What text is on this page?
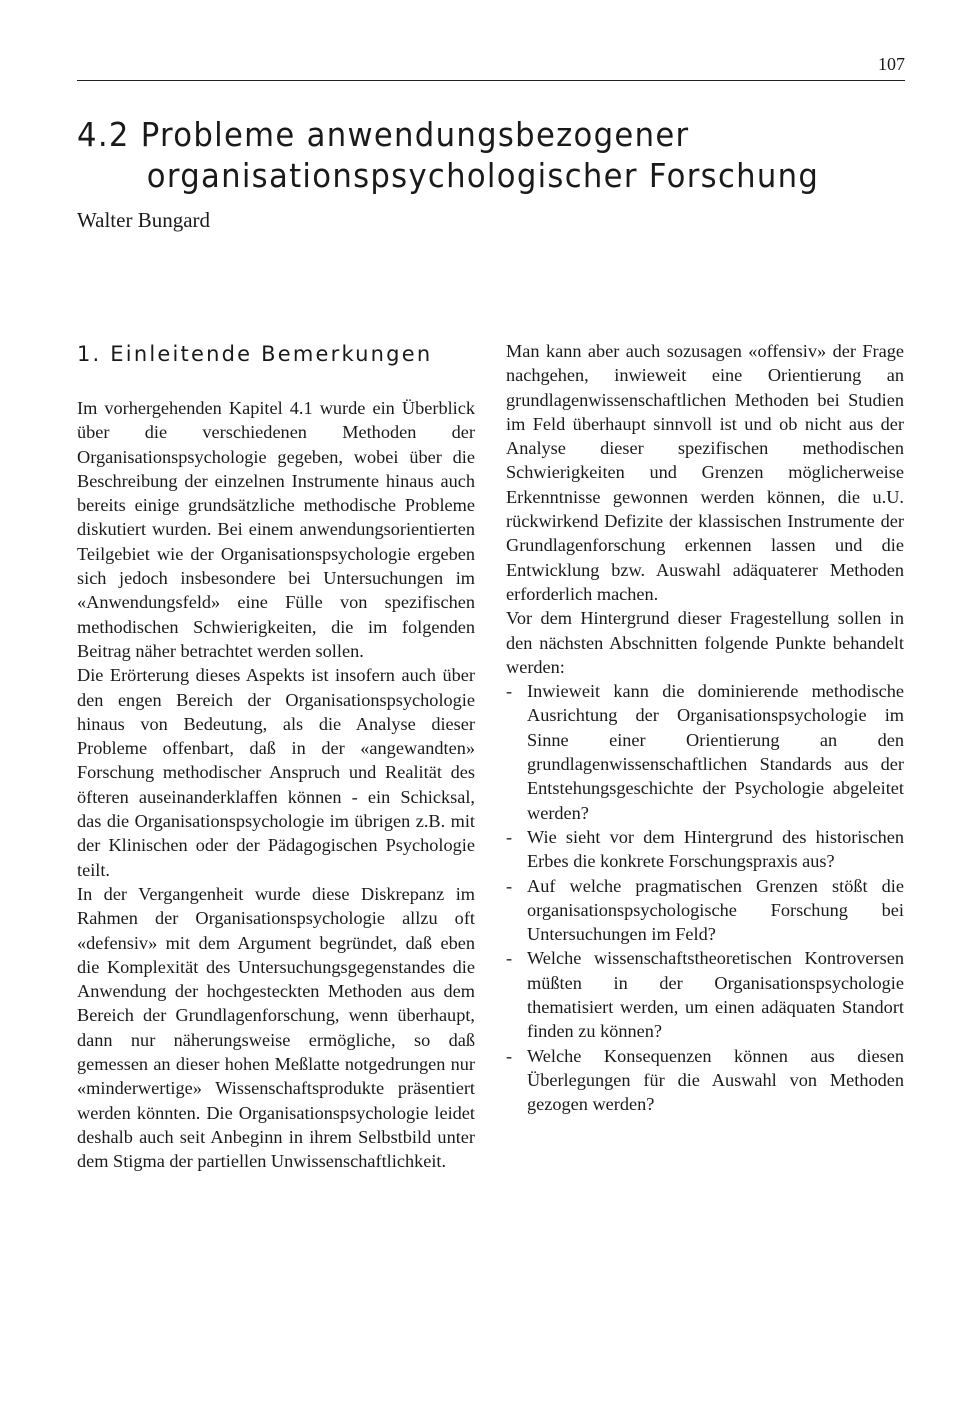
107
4.2 Probleme anwendungsbezogener
organisationspsychologischer Forschung
Walter Bungard
1. Einleitende Bemerkungen

Im vorhergehenden Kapitel 4.1 wurde ein Überblick über die verschiedenen Methoden der Organisationspsychologie gegeben, wobei über die Beschreibung der einzelnen Instrumente hinaus auch bereits einige grundsätzliche methodische Probleme diskutiert wurden. Bei einem anwendungsorientierten Teilgebiet wie der Organisationspsychologie ergeben sich jedoch insbesondere bei Untersuchungen im «Anwendungsfeld» eine Fülle von spezifischen methodischen Schwierigkeiten, die im folgenden Beitrag näher betrachtet werden sollen.

Die Erörterung dieses Aspekts ist insofern auch über den engen Bereich der Organisationspsychologie hinaus von Bedeutung, als die Analyse dieser Probleme offenbart, daß in der «angewandten» Forschung methodischer Anspruch und Realität des öfteren auseinanderklaffen können - ein Schicksal, das die Organisationspsychologie im übrigen z.B. mit der Klinischen oder der Pädagogischen Psychologie teilt.

In der Vergangenheit wurde diese Diskrepanz im Rahmen der Organisationspsychologie allzu oft «defensiv» mit dem Argument begründet, daß eben die Komplexität des Untersuchungsgegenstandes die Anwendung der hochgesteckten Methoden aus dem Bereich der Grundlagenforschung, wenn überhaupt, dann nur näherungsweise ermögliche, so daß gemessen an dieser hohen Meßlatte notgedrungen nur «minderwertige» Wissenschaftsprodukte präsentiert werden könnten. Die Organisationspsychologie leidet deshalb auch seit Anbeginn in ihrem Selbstbild unter dem Stigma der partiellen Unwissenschaftlichkeit.

Man kann aber auch sozusagen «offensiv» der Frage nachgehen, inwieweit eine Orientierung an grundlagenwissenschaftlichen Methoden bei Studien im Feld überhaupt sinnvoll ist und ob nicht aus der Analyse dieser spezifischen methodischen Schwierigkeiten und Grenzen möglicherweise Erkenntnisse gewonnen werden können, die u.U. rückwirkend Defizite der klassischen Instrumente der Grundlagenforschung erkennen lassen und die Entwicklung bzw. Auswahl adäquaterer Methoden erforderlich machen.

Vor dem Hintergrund dieser Fragestellung sollen in den nächsten Abschnitten folgende Punkte behandelt werden:

- Inwieweit kann die dominierende methodische Ausrichtung der Organisationspsychologie im Sinne einer Orientierung an den grundlagenwissenschaftlichen Standards aus der Entstehungsgeschichte der Psychologie abgeleitet werden?
- Wie sieht vor dem Hintergrund des historischen Erbes die konkrete Forschungspraxis aus?
- Auf welche pragmatischen Grenzen stößt die organisationspsychologische Forschung bei Untersuchungen im Feld?
- Welche wissenschaftstheoretischen Kontroversen müßten in der Organisationspsychologie thematisiert werden, um einen adäquaten Standort finden zu können?
- Welche Konsequenzen können aus diesen Überlegungen für die Auswahl von Methoden gezogen werden?
